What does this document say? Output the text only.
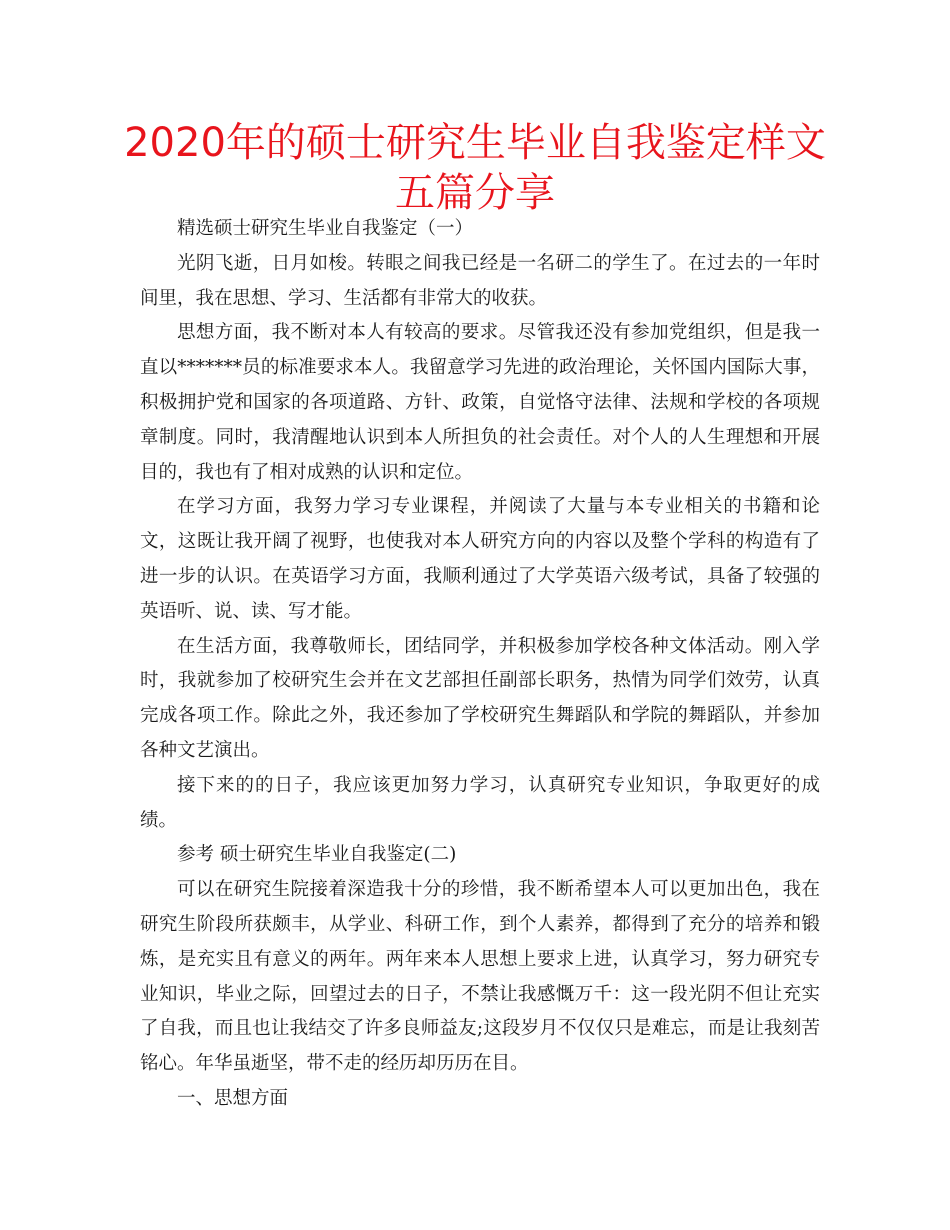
2020年的硕士研究生毕业自我鉴定样文五篇分享

精选硕士研究生毕业自我鉴定（一）

光阴飞逝，日月如梭。转眼之间我已经是一名研二的学生了。在过去的一年时间里，我在思想、学习、生活都有非常大的收获。

思想方面，我不断对本人有较高的要求。尽管我还没有参加党组织，但是我一直以*******员的标准要求本人。我留意学习先进的政治理论，关怀国内国际大事，积极拥护党和国家的各项道路、方针、政策，自觉恪守法律、法规和学校的各项规章制度。同时，我清醒地认识到本人所担负的社会责任。对个人的人生理想和开展目的，我也有了相对成熟的认识和定位。

在学习方面，我努力学习专业课程，并阅读了大量与本专业相关的书籍和论文，这既让我开阔了视野，也使我对本人研究方向的内容以及整个学科的构造有了进一步的认识。在英语学习方面，我顺利通过了大学英语六级考试，具备了较强的英语听、说、读、写才能。

在生活方面，我尊敬师长，团结同学，并积极参加学校各种文体活动。刚入学时，我就参加了校研究生会并在文艺部担任副部长职务，热情为同学们效劳，认真完成各项工作。除此之外，我还参加了学校研究生舞蹈队和学院的舞蹈队，并参加各种文艺演出。

接下来的的日子，我应该更加努力学习，认真研究专业知识，争取更好的成绩。

参考 硕士研究生毕业自我鉴定(二)

可以在研究生院接着深造我十分的珍惜，我不断希望本人可以更加出色，我在研究生阶段所获颇丰，从学业、科研工作，到个人素养，都得到了充分的培养和锻炼，是充实且有意义的两年。两年来本人思想上要求上进，认真学习，努力研究专业知识，毕业之际，回望过去的日子，不禁让我感慨万千：这一段光阴不但让充实了自我，而且也让我结交了许多良师益友;这段岁月不仅仅只是难忘，而是让我刻苦铭心。年华虽逝坚，带不走的经历却历历在目。

一、思想方面
